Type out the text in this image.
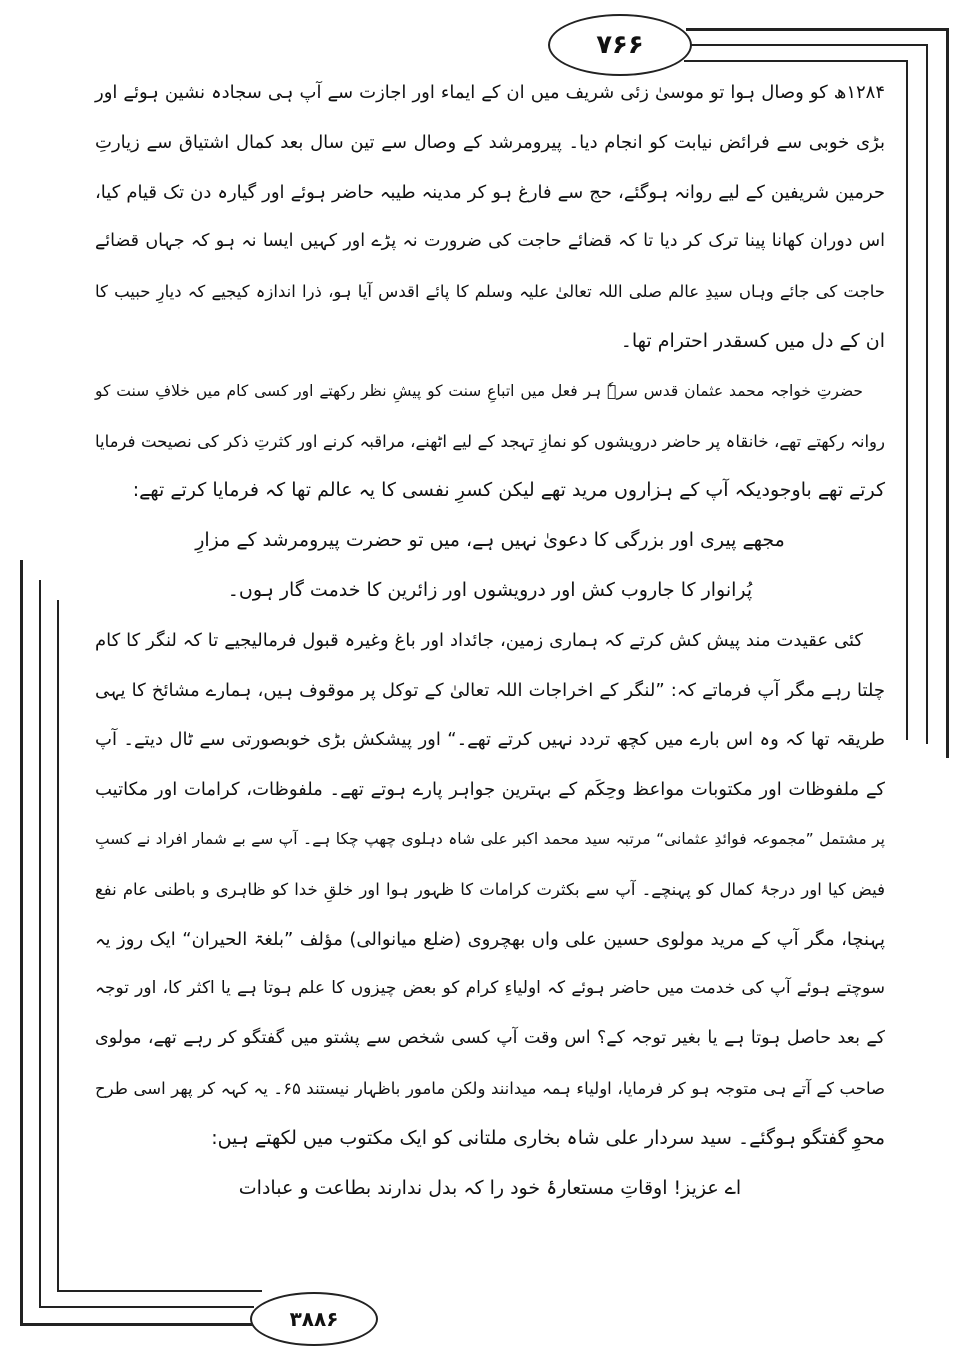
۷۶۶
۳۸۸۶
۱۲۸۴ھ کو وصال ہوا تو موسیٰ زئی شریف میں ان کے ایماء اور اجازت سے آپ ہی سجادہ نشین ہوئے اور
بڑی خوبی سے فرائض نیابت کو انجام دیا۔ پیرومرشد کے وصال سے تین سال بعد کمال اشتیاق سے زیارتِ
حرمین شریفین کے لیے روانہ ہوگئے، حج سے فارغ ہو کر مدینہ طیبہ حاضر ہوئے اور گیارہ دن تک قیام کیا،
اس دوران کھانا پینا ترک کر دیا تا کہ قضائے حاجت کی ضرورت نہ پڑے اور کہیں ایسا نہ ہو کہ جہاں قضائے
حاجت کی جائے وہاں سیدِ عالم صلی اللہ تعالیٰ علیہ وسلم کا پائے اقدس آیا ہو، ذرا اندازہ کیجیے کہ دیارِ حبیب کا
ان کے دل میں کسقدر احترام تھا۔
حضرتِ خواجہ محمد عثمان قدس سرہٗ ہر فعل میں اتباعِ سنت کو پیشِ نظر رکھتے اور کسی کام میں خلافِ سنت کو
روانہ رکھتے تھے، خانقاہ پر حاضر درویشوں کو نمازِ تہجد کے لیے اٹھنے، مراقبہ کرنے اور کثرتِ ذکر کی نصیحت فرمایا
کرتے تھے باوجودیکہ آپ کے ہزاروں مرید تھے لیکن کسرِ نفسی کا یہ عالم تھا کہ فرمایا کرتے تھے:
مجھے پیری اور بزرگی کا دعویٰ نہیں ہے، میں تو حضرت پیرومرشد کے مزارِ
پُرانوار کا جاروب کش اور درویشوں اور زائرین کا خدمت گار ہوں۔
کئی عقیدت مند پیش کش کرتے کہ ہماری زمین، جائداد اور باغ وغیرہ قبول فرمالیجیے تا کہ لنگر کا کام
چلتا رہے مگر آپ فرماتے کہ: ”لنگر کے اخراجات اللہ تعالیٰ کے توکل پر موقوف ہیں، ہمارے مشائخ کا یہی
طریقہ تھا کہ وہ اس بارے میں کچھ تردد نہیں کرتے تھے۔“ اور پیشکش بڑی خوبصورتی سے ٹال دیتے۔ آپ
کے ملفوظات اور مکتوبات مواعظ وحِکَم کے بہترین جواہر پارے ہوتے تھے۔ ملفوظات، کرامات اور مکاتیب
پر مشتمل ”مجموعہ فوائدِ عثمانی“ مرتبہ سید محمد اکبر علی شاہ دہلوی چھپ چکا ہے۔ آپ سے بے شمار افراد نے کسبِ
فیض کیا اور درجۂ کمال کو پہنچے۔ آپ سے بکثرت کرامات کا ظہور ہوا اور خلقِ خدا کو ظاہری و باطنی عام نفع
پہنچا، مگر آپ کے مرید مولوی حسین علی واں بھچروی (ضلع میانوالی) مؤلف ”بلغۃ الحیران“ ایک روز یہ
سوچتے ہوئے آپ کی خدمت میں حاضر ہوئے کہ اولیاءِ کرام کو بعض چیزوں کا علم ہوتا ہے یا اکثر کا، اور توجہ
کے بعد حاصل ہوتا ہے یا بغیر توجہ کے؟ اس وقت آپ کسی شخص سے پشتو میں گفتگو کر رہے تھے، مولوی
صاحب کے آتے ہی متوجہ ہو کر فرمایا، اولیاء ہمہ میدانند ولکن مامور باظہار نیستند ۶۵۔ یہ کہہ کر پھر اسی طرح
محوِ گفتگو ہوگئے۔ سید سردار علی شاہ بخاری ملتانی کو ایک مکتوب میں لکھتے ہیں:
اے عزیز! اوقاتِ مستعارۂ خود را کہ بدل ندارند بطاعت و عبادات
